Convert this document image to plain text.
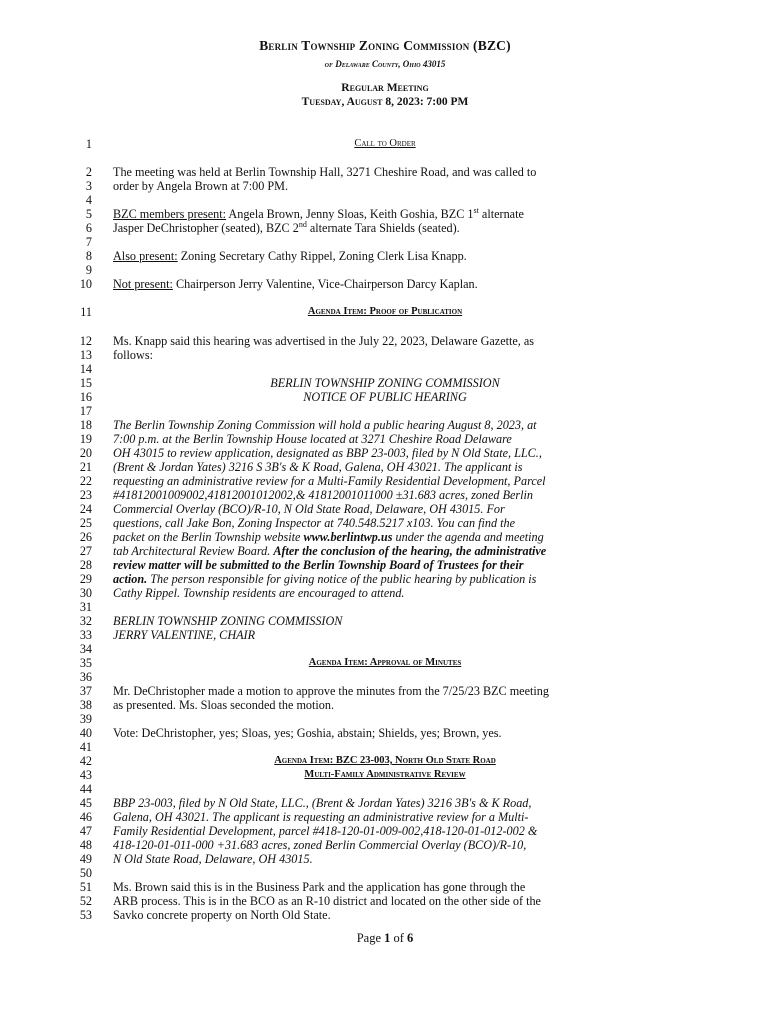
Berlin Township Zoning Commission (BZC)
of Delaware County, Ohio 43015
Regular Meeting
Tuesday, August 8, 2023: 7:00 PM
1
2
3
4
5
6
7
8
9
10
11
12
13
14
15
16
17
18
19
20
21
22
23
24
25
26
27
28
29
30
31
32
33
34
35
36
37
38
39
40
41
42
43
44
45
46
47
48
49
50
51
52
53
Call to Order
The meeting was held at Berlin Township Hall, 3271 Cheshire Road, and was called to
order by Angela Brown at 7:00 PM.
BZC members present: Angela Brown, Jenny Sloas, Keith Goshia, BZC 1st alternate
Jasper DeChristopher (seated), BZC 2nd alternate Tara Shields (seated).
Also present: Zoning Secretary Cathy Rippel, Zoning Clerk Lisa Knapp.
Not present: Chairperson Jerry Valentine, Vice-Chairperson Darcy Kaplan.
Agenda Item: Proof of Publication
Ms. Knapp said this hearing was advertised in the July 22, 2023, Delaware Gazette, as
follows:
BERLIN TOWNSHIP ZONING COMMISSION
NOTICE OF PUBLIC HEARING
The Berlin Township Zoning Commission will hold a public hearing August 8, 2023, at
7:00 p.m. at the Berlin Township House located at 3271 Cheshire Road Delaware
OH 43015 to review application, designated as BBP 23-003, filed by N Old State, LLC.,
(Brent & Jordan Yates) 3216 S 3B's & K Road, Galena, OH 43021. The applicant is
requesting an administrative review for a Multi-Family Residential Development, Parcel
#41812001009002,41812001012002,& 41812001011000 ±31.683 acres, zoned Berlin
Commercial Overlay (BCO)/R-10, N Old State Road, Delaware, OH 43015. For
questions, call Jake Bon, Zoning Inspector at 740.548.5217 x103. You can find the
packet on the Berlin Township website www.berlintwp.us under the agenda and meeting
tab Architectural Review Board. After the conclusion of the hearing, the administrative
review matter will be submitted to the Berlin Township Board of Trustees for their
action. The person responsible for giving notice of the public hearing by publication is
Cathy Rippel. Township residents are encouraged to attend.
BERLIN TOWNSHIP ZONING COMMISSION
JERRY VALENTINE, CHAIR
Agenda Item: Approval of Minutes
Mr. DeChristopher made a motion to approve the minutes from the 7/25/23 BZC meeting
as presented. Ms. Sloas seconded the motion.
Vote: DeChristopher, yes; Sloas, yes; Goshia, abstain; Shields, yes; Brown, yes.
Agenda Item: BZC 23-003, North Old State Road
Multi-Family Administrative Review
BBP 23-003, filed by N Old State, LLC., (Brent & Jordan Yates) 3216 3B's & K Road,
Galena, OH 43021. The applicant is requesting an administrative review for a Multi-
Family Residential Development, parcel #418-120-01-009-002,418-120-01-012-002 &
418-120-01-011-000 +31.683 acres, zoned Berlin Commercial Overlay (BCO)/R-10,
N Old State Road, Delaware, OH 43015.
Ms. Brown said this is in the Business Park and the application has gone through the
ARB process. This is in the BCO as an R-10 district and located on the other side of the
Savko concrete property on North Old State.
Page 1 of 6
